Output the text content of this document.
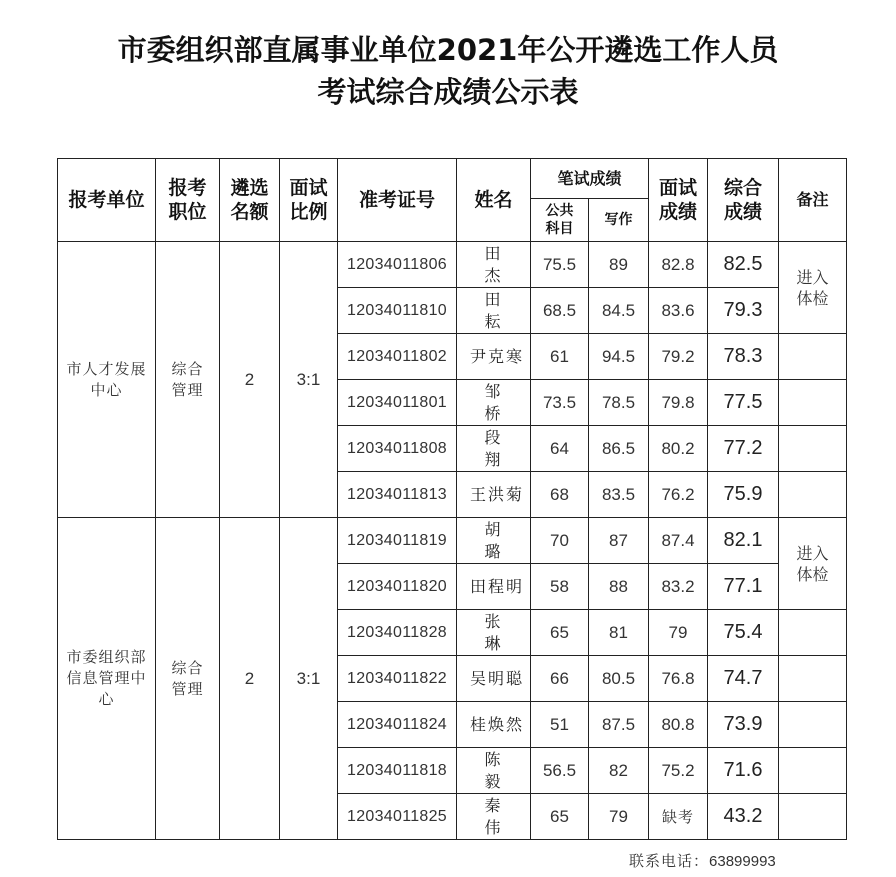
市委组织部直属事业单位2021年公开遴选工作人员
考试综合成绩公示表
报考单位	报考职位	遴选名额	面试比例	准考证号	姓名	笔试成绩		面试成绩	综合成绩	备注
						公共科目	写作			
市人才发展中心	综合管理	2	3:1	12034011806	田杰	75.5	89	82.8	82.5	进入体检
				12034011810	田耘	68.5	84.5	83.6	79.3	
				12034011802	尹克寒	61	94.5	79.2	78.3	
				12034011801	邹桥	73.5	78.5	79.8	77.5	
				12034011808	段翔	64	86.5	80.2	77.2	
				12034011813	王洪菊	68	83.5	76.2	75.9	
市委组织部信息管理中心	综合管理	2	3:1	12034011819	胡璐	70	87	87.4	82.1	进入体检
				12034011820	田程明	58	88	83.2	77.1	
				12034011828	张琳	65	81	79	75.4	
				12034011822	吴明聪	66	80.5	76.8	74.7	
				12034011824	桂焕然	51	87.5	80.8	73.9	
				12034011818	陈毅	56.5	82	75.2	71.6	
				12034011825	秦伟	65	79	缺考	43.2	
联系电话：63899993
